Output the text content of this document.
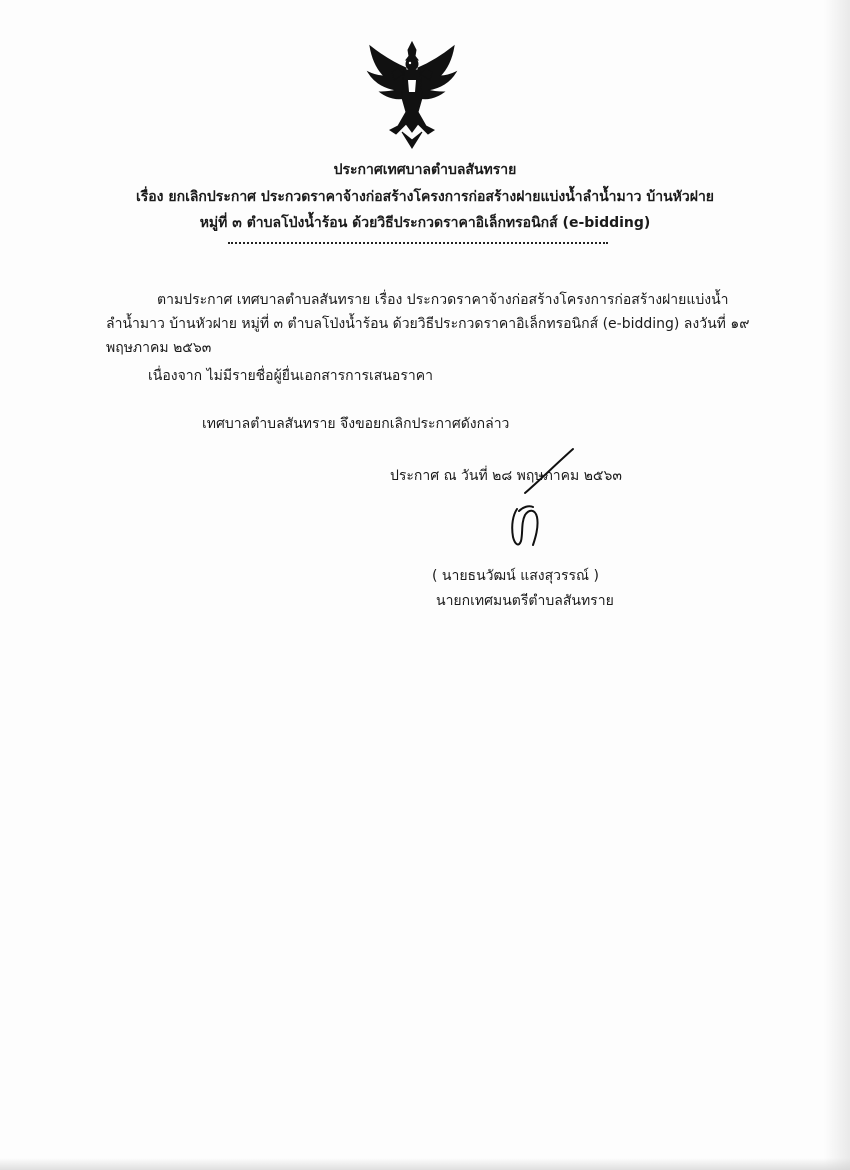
ประกาศเทศบาลตำบลสันทราย
เรื่อง ยกเลิกประกาศ ประกวดราคาจ้างก่อสร้างโครงการก่อสร้างฝายแบ่งน้ำลำน้ำมาว บ้านหัวฝาย
หมู่ที่ ๓ ตำบลโป่งน้ำร้อน ด้วยวิธีประกวดราคาอิเล็กทรอนิกส์ (e-bidding)
ตามประกาศ เทศบาลตำบลสันทราย เรื่อง ประกวดราคาจ้างก่อสร้างโครงการก่อสร้างฝายแบ่งน้ำ
ลำน้ำมาว บ้านหัวฝาย หมู่ที่ ๓ ตำบลโป่งน้ำร้อน ด้วยวิธีประกวดราคาอิเล็กทรอนิกส์ (e-bidding) ลงวันที่ ๑๙
พฤษภาคม ๒๕๖๓
เนื่องจาก ไม่มีรายชื่อผู้ยื่นเอกสารการเสนอราคา
เทศบาลตำบลสันทราย จึงขอยกเลิกประกาศดังกล่าว
ประกาศ ณ วันที่ ๒๘ พฤษภาคม ๒๕๖๓
( นายธนวัฒน์ แสงสุวรรณ์ )
นายกเทศมนตรีตำบลสันทราย
